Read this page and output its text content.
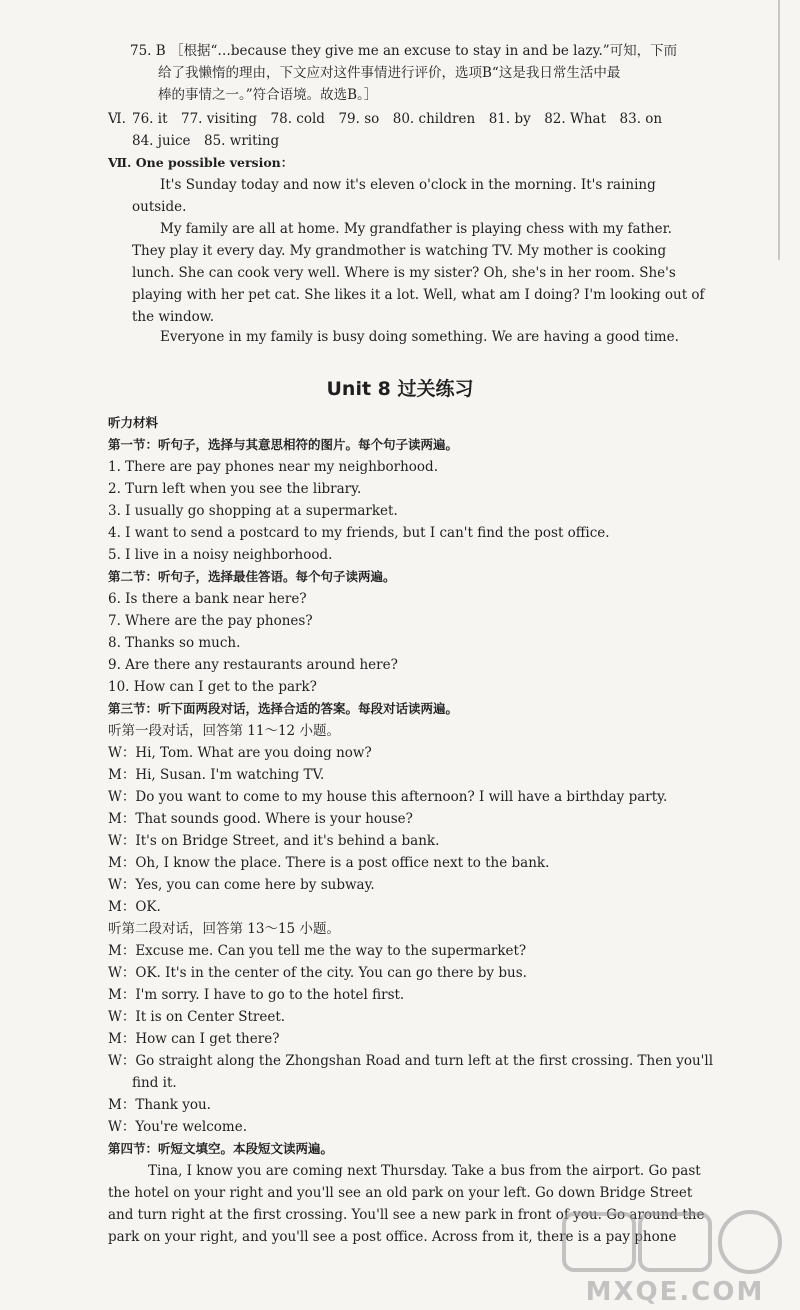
75. B ［根据“…because they give me an excuse to stay in and be lazy.”可知，下而
给了我懒惰的理由，下文应对这件事情进行评价，选项B“这是我日常生活中最
棒的事情之一。”符合语境。故选B。］
Ⅵ. 76. it　77. visiting　78. cold　79. so　80. children　81. by　82. What　83. on
84. juice　85. writing
Ⅶ. One possible version：
It's Sunday today and now it's eleven o'clock in the morning. It's raining
outside.
My family are all at home. My grandfather is playing chess with my father.
They play it every day. My grandmother is watching TV. My mother is cooking
lunch. She can cook very well. Where is my sister? Oh, she's in her room. She's
playing with her pet cat. She likes it a lot. Well, what am I doing? I'm looking out of
the window.
Everyone in my family is busy doing something. We are having a good time.
Unit 8 过关练习
听力材料
第一节：听句子，选择与其意思相符的图片。每个句子读两遍。
1. There are pay phones near my neighborhood.
2. Turn left when you see the library.
3. I usually go shopping at a supermarket.
4. I want to send a postcard to my friends, but I can't find the post office.
5. I live in a noisy neighborhood.
第二节：听句子，选择最佳答语。每个句子读两遍。
6. Is there a bank near here?
7. Where are the pay phones?
8. Thanks so much.
9. Are there any restaurants around here?
10. How can I get to the park?
第三节：听下面两段对话，选择合适的答案。每段对话读两遍。
听第一段对话，回答第 11～12 小题。
W：Hi, Tom. What are you doing now?
M：Hi, Susan. I'm watching TV.
W：Do you want to come to my house this afternoon? I will have a birthday party.
M：That sounds good. Where is your house?
W：It's on Bridge Street, and it's behind a bank.
M：Oh, I know the place. There is a post office next to the bank.
W：Yes, you can come here by subway.
M：OK.
听第二段对话，回答第 13～15 小题。
M：Excuse me. Can you tell me the way to the supermarket?
W：OK. It's in the center of the city. You can go there by bus.
M：I'm sorry. I have to go to the hotel first.
W：It is on Center Street.
M：How can I get there?
W：Go straight along the Zhongshan Road and turn left at the first crossing. Then you'll
find it.
M：Thank you.
W：You're welcome.
第四节：听短文填空。本段短文读两遍。
Tina, I know you are coming next Thursday. Take a bus from the airport. Go past
the hotel on your right and you'll see an old park on your left. Go down Bridge Street
and turn right at the first crossing. You'll see a new park in front of you. Go around the
park on your right, and you'll see a post office. Across from it, there is a pay phone
MXQE.COM
